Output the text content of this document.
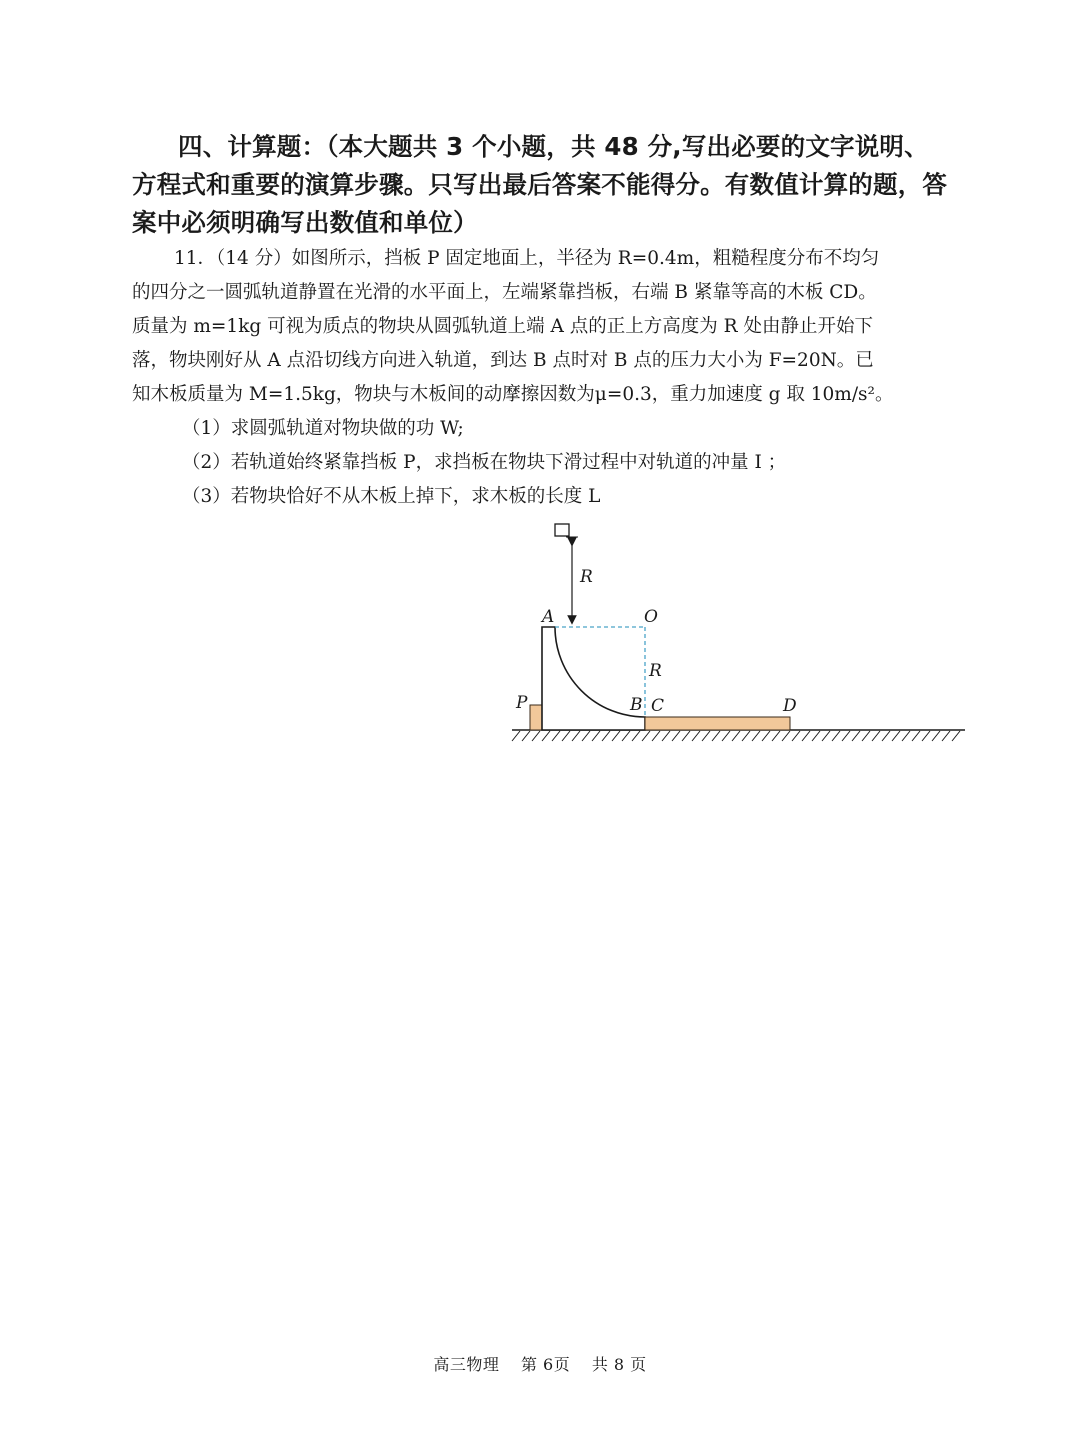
四、计算题：（本大题共 3 个小题，共 48 分,写出必要的文字说明、方程式和重要的演算步骤。只写出最后答案不能得分。有数值计算的题，答案中必须明确写出数值和单位）
11．（14 分）如图所示，挡板 P 固定地面上，半径为 R=0.4m，粗糙程度分布不均匀
的四分之一圆弧轨道静置在光滑的水平面上，左端紧靠挡板，右端 B 紧靠等高的木板 CD。
质量为 m=1kg 可视为质点的物块从圆弧轨道上端 A 点的正上方高度为 R 处由静止开始下
落，物块刚好从 A 点沿切线方向进入轨道，到达 B 点时对 B 点的压力大小为 F=20N。已
知木板质量为 M=1.5kg，物块与木板间的动摩擦因数为μ=0.3，重力加速度 g 取 10m/s²。
（1）求圆弧轨道对物块做的功 W;
（2）若轨道始终紧靠挡板 P，求挡板在物块下滑过程中对轨道的冲量 I ；
（3）若物块恰好不从木板上掉下，求木板的长度 L
R
A	O
R
P	B C	D
高三物理 第 6页 共 8 页
